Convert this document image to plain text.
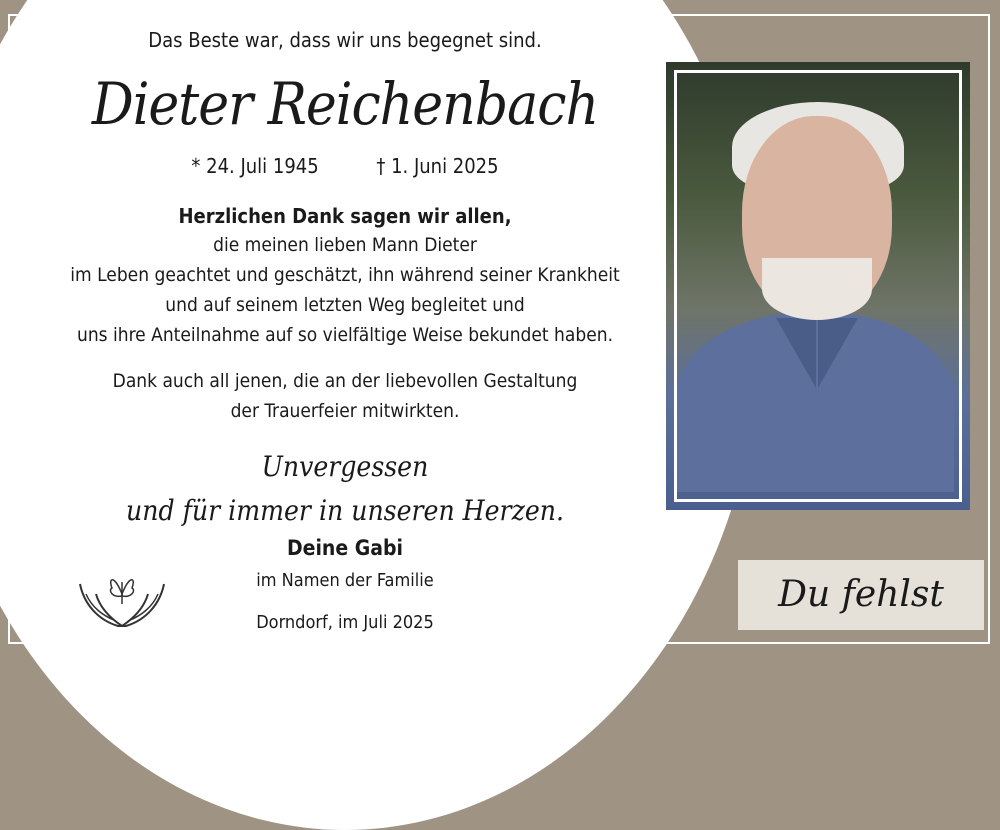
Das Beste war, dass wir uns begegnet sind.
Dieter Reichenbach
* 24. Juli 1945	† 1. Juni 2025
Herzlichen Dank sagen wir allen,
die meinen lieben Mann Dieter
im Leben geachtet und geschätzt, ihn während seiner Krankheit
und auf seinem letzten Weg begleitet und
uns ihre Anteilnahme auf so vielfältige Weise bekundet haben.
Dank auch all jenen, die an der liebevollen Gestaltung
der Trauerfeier mitwirkten.
Unvergessen
und für immer in unseren Herzen.
Deine Gabi
im Namen der Familie
Dorndorf, im Juli 2025
Du fehlst
